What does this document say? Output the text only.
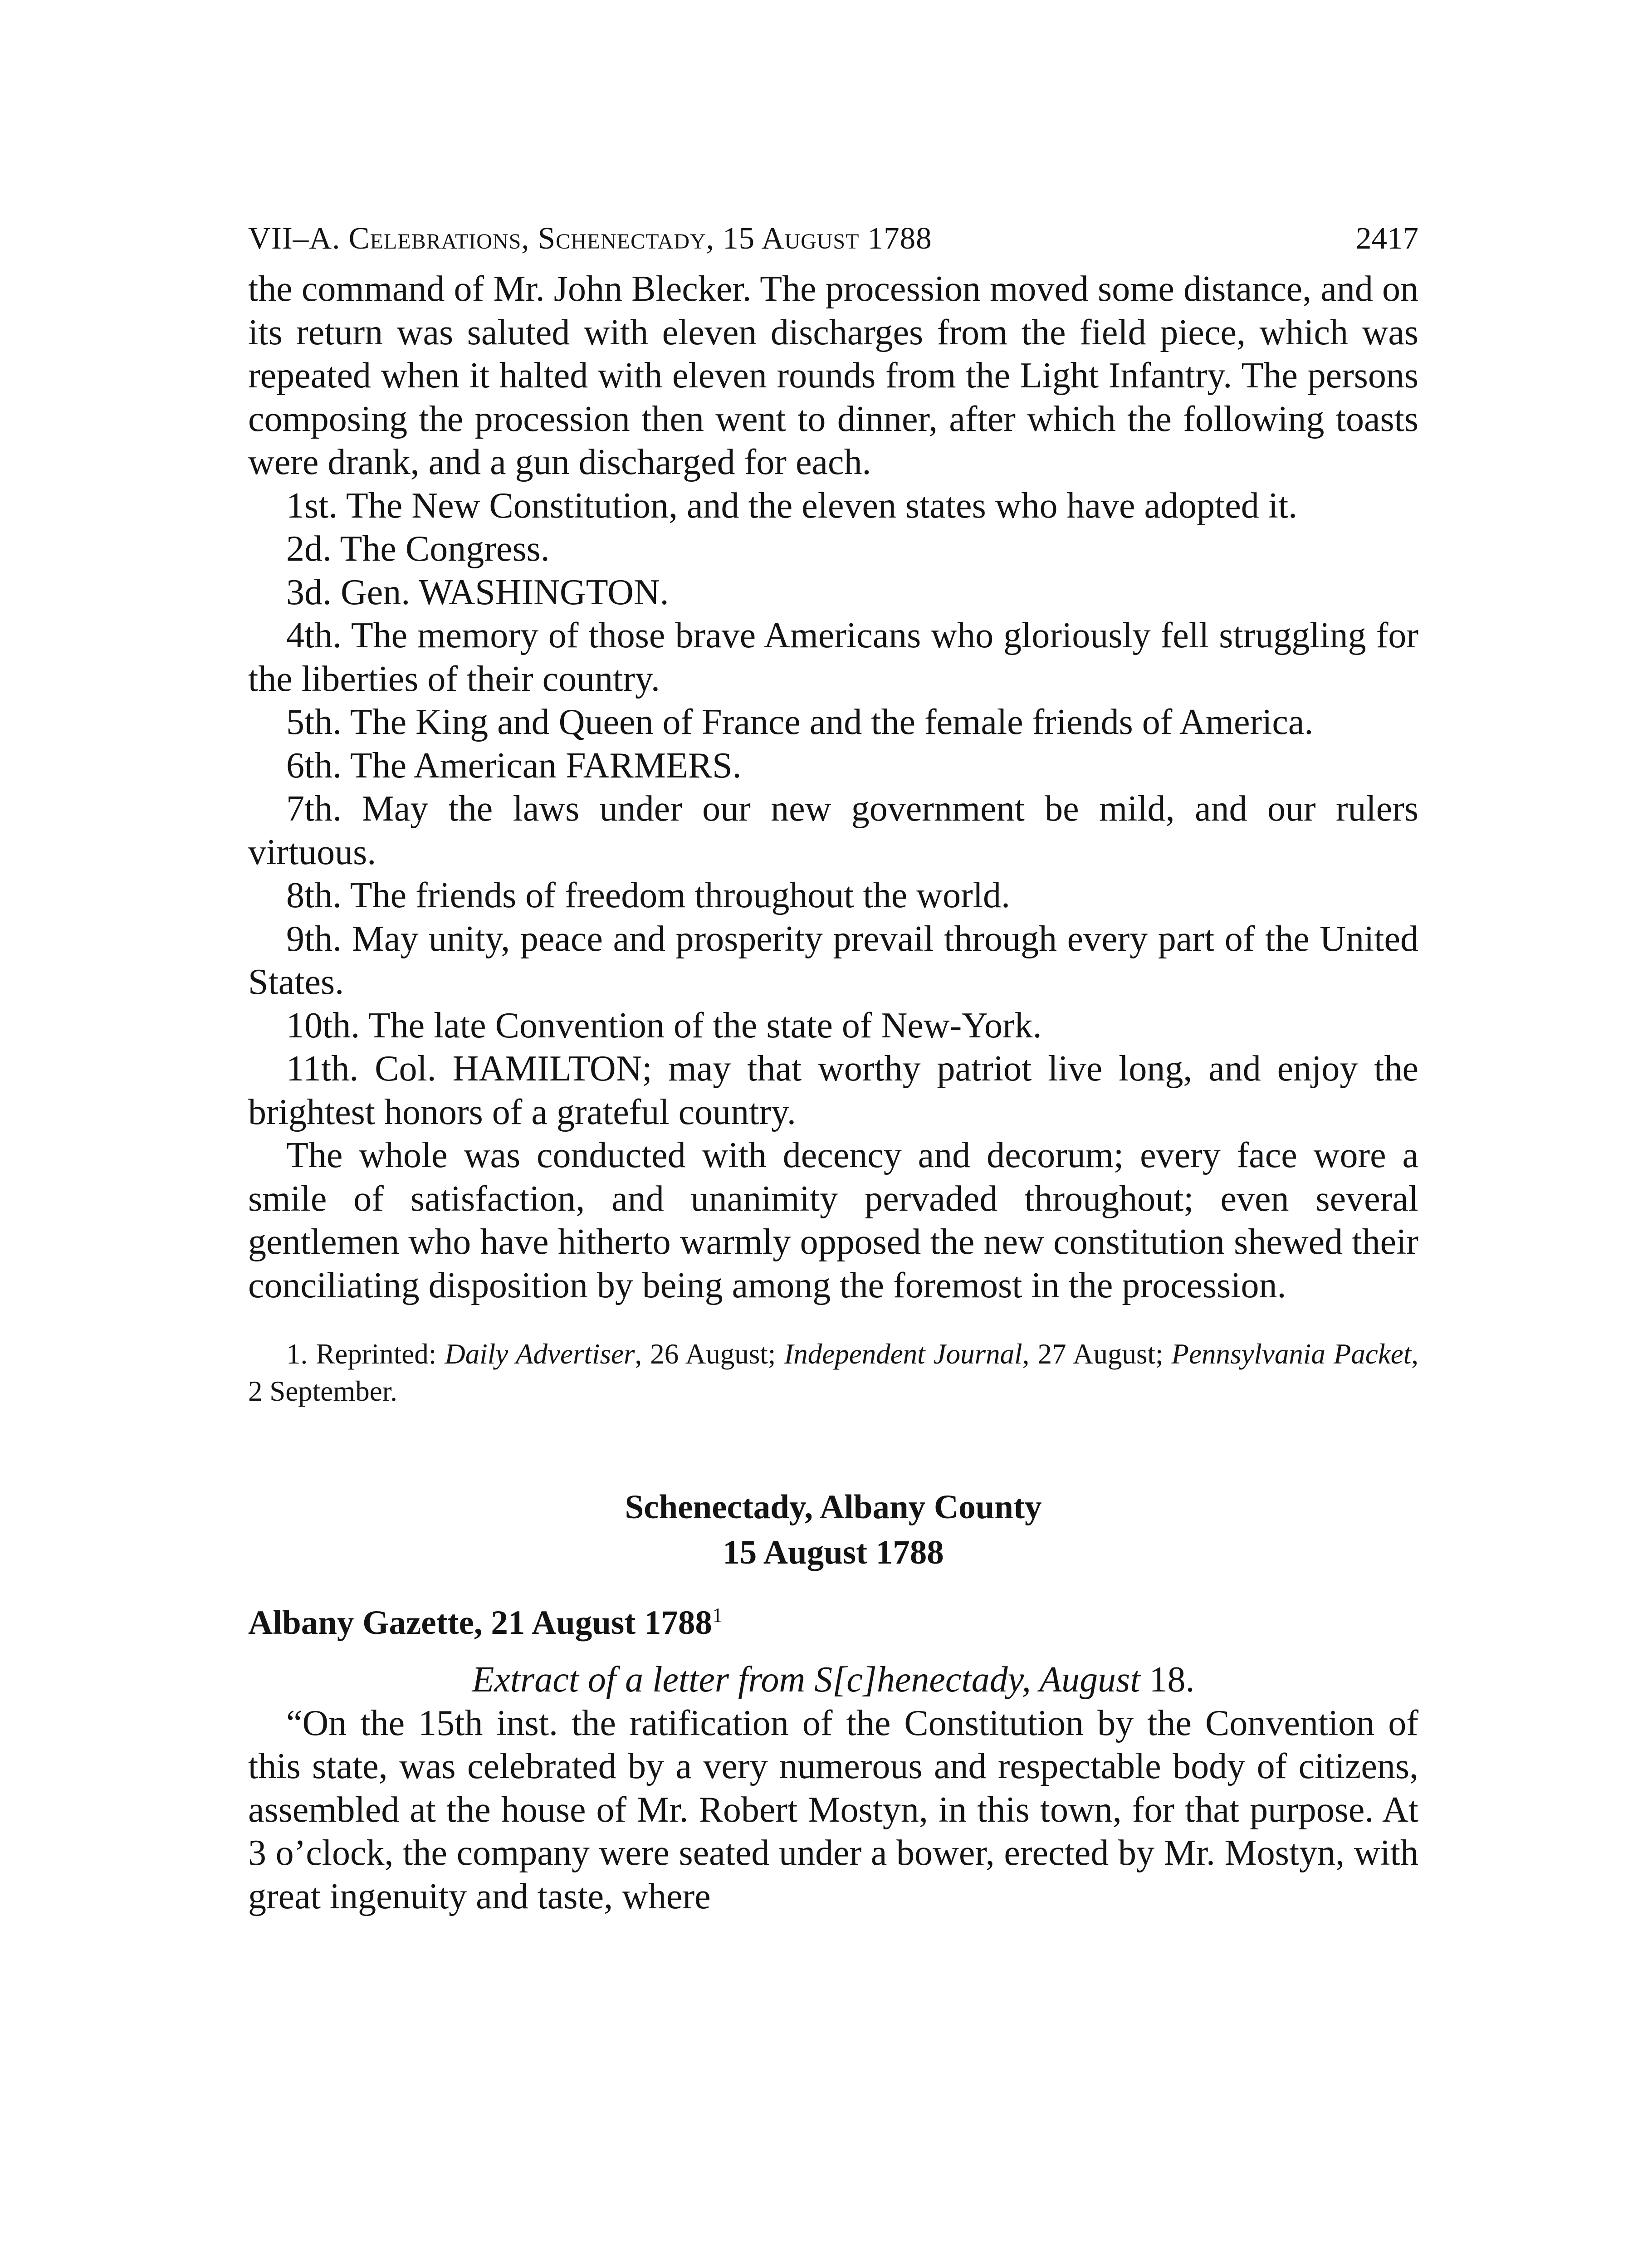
VII–A. Celebrations, Schenectady, 15 August 1788	2417

the command of Mr. John Blecker. The procession moved some distance, and on its return was saluted with eleven discharges from the field piece, which was repeated when it halted with eleven rounds from the Light Infantry. The persons composing the procession then went to dinner, after which the following toasts were drank, and a gun discharged for each.

1st. The New Constitution, and the eleven states who have adopted it.

2d. The Congress.

3d. Gen. WASHINGTON.

4th. The memory of those brave Americans who gloriously fell struggling for the liberties of their country.

5th. The King and Queen of France and the female friends of America.

6th. The American FARMERS.

7th. May the laws under our new government be mild, and our rulers virtuous.

8th. The friends of freedom throughout the world.

9th. May unity, peace and prosperity prevail through every part of the United States.

10th. The late Convention of the state of New-York.

11th. Col. HAMILTON; may that worthy patriot live long, and enjoy the brightest honors of a grateful country.

The whole was conducted with decency and decorum; every face wore a smile of satisfaction, and unanimity pervaded throughout; even several gentlemen who have hitherto warmly opposed the new constitution shewed their conciliating disposition by being among the foremost in the procession.

1. Reprinted: Daily Advertiser, 26 August; Independent Journal, 27 August; Pennsylvania Packet, 2 September.

Schenectady, Albany County
15 August 1788
Albany Gazette, 21 August 1788$^1$
Extract of a letter from S[c]henectady, August 18.

“On the 15th inst. the ratification of the Constitution by the Convention of this state, was celebrated by a very numerous and respectable body of citizens, assembled at the house of Mr. Robert Mostyn, in this town, for that purpose. At 3 o’clock, the company were seated under a bower, erected by Mr. Mostyn, with great ingenuity and taste, where
